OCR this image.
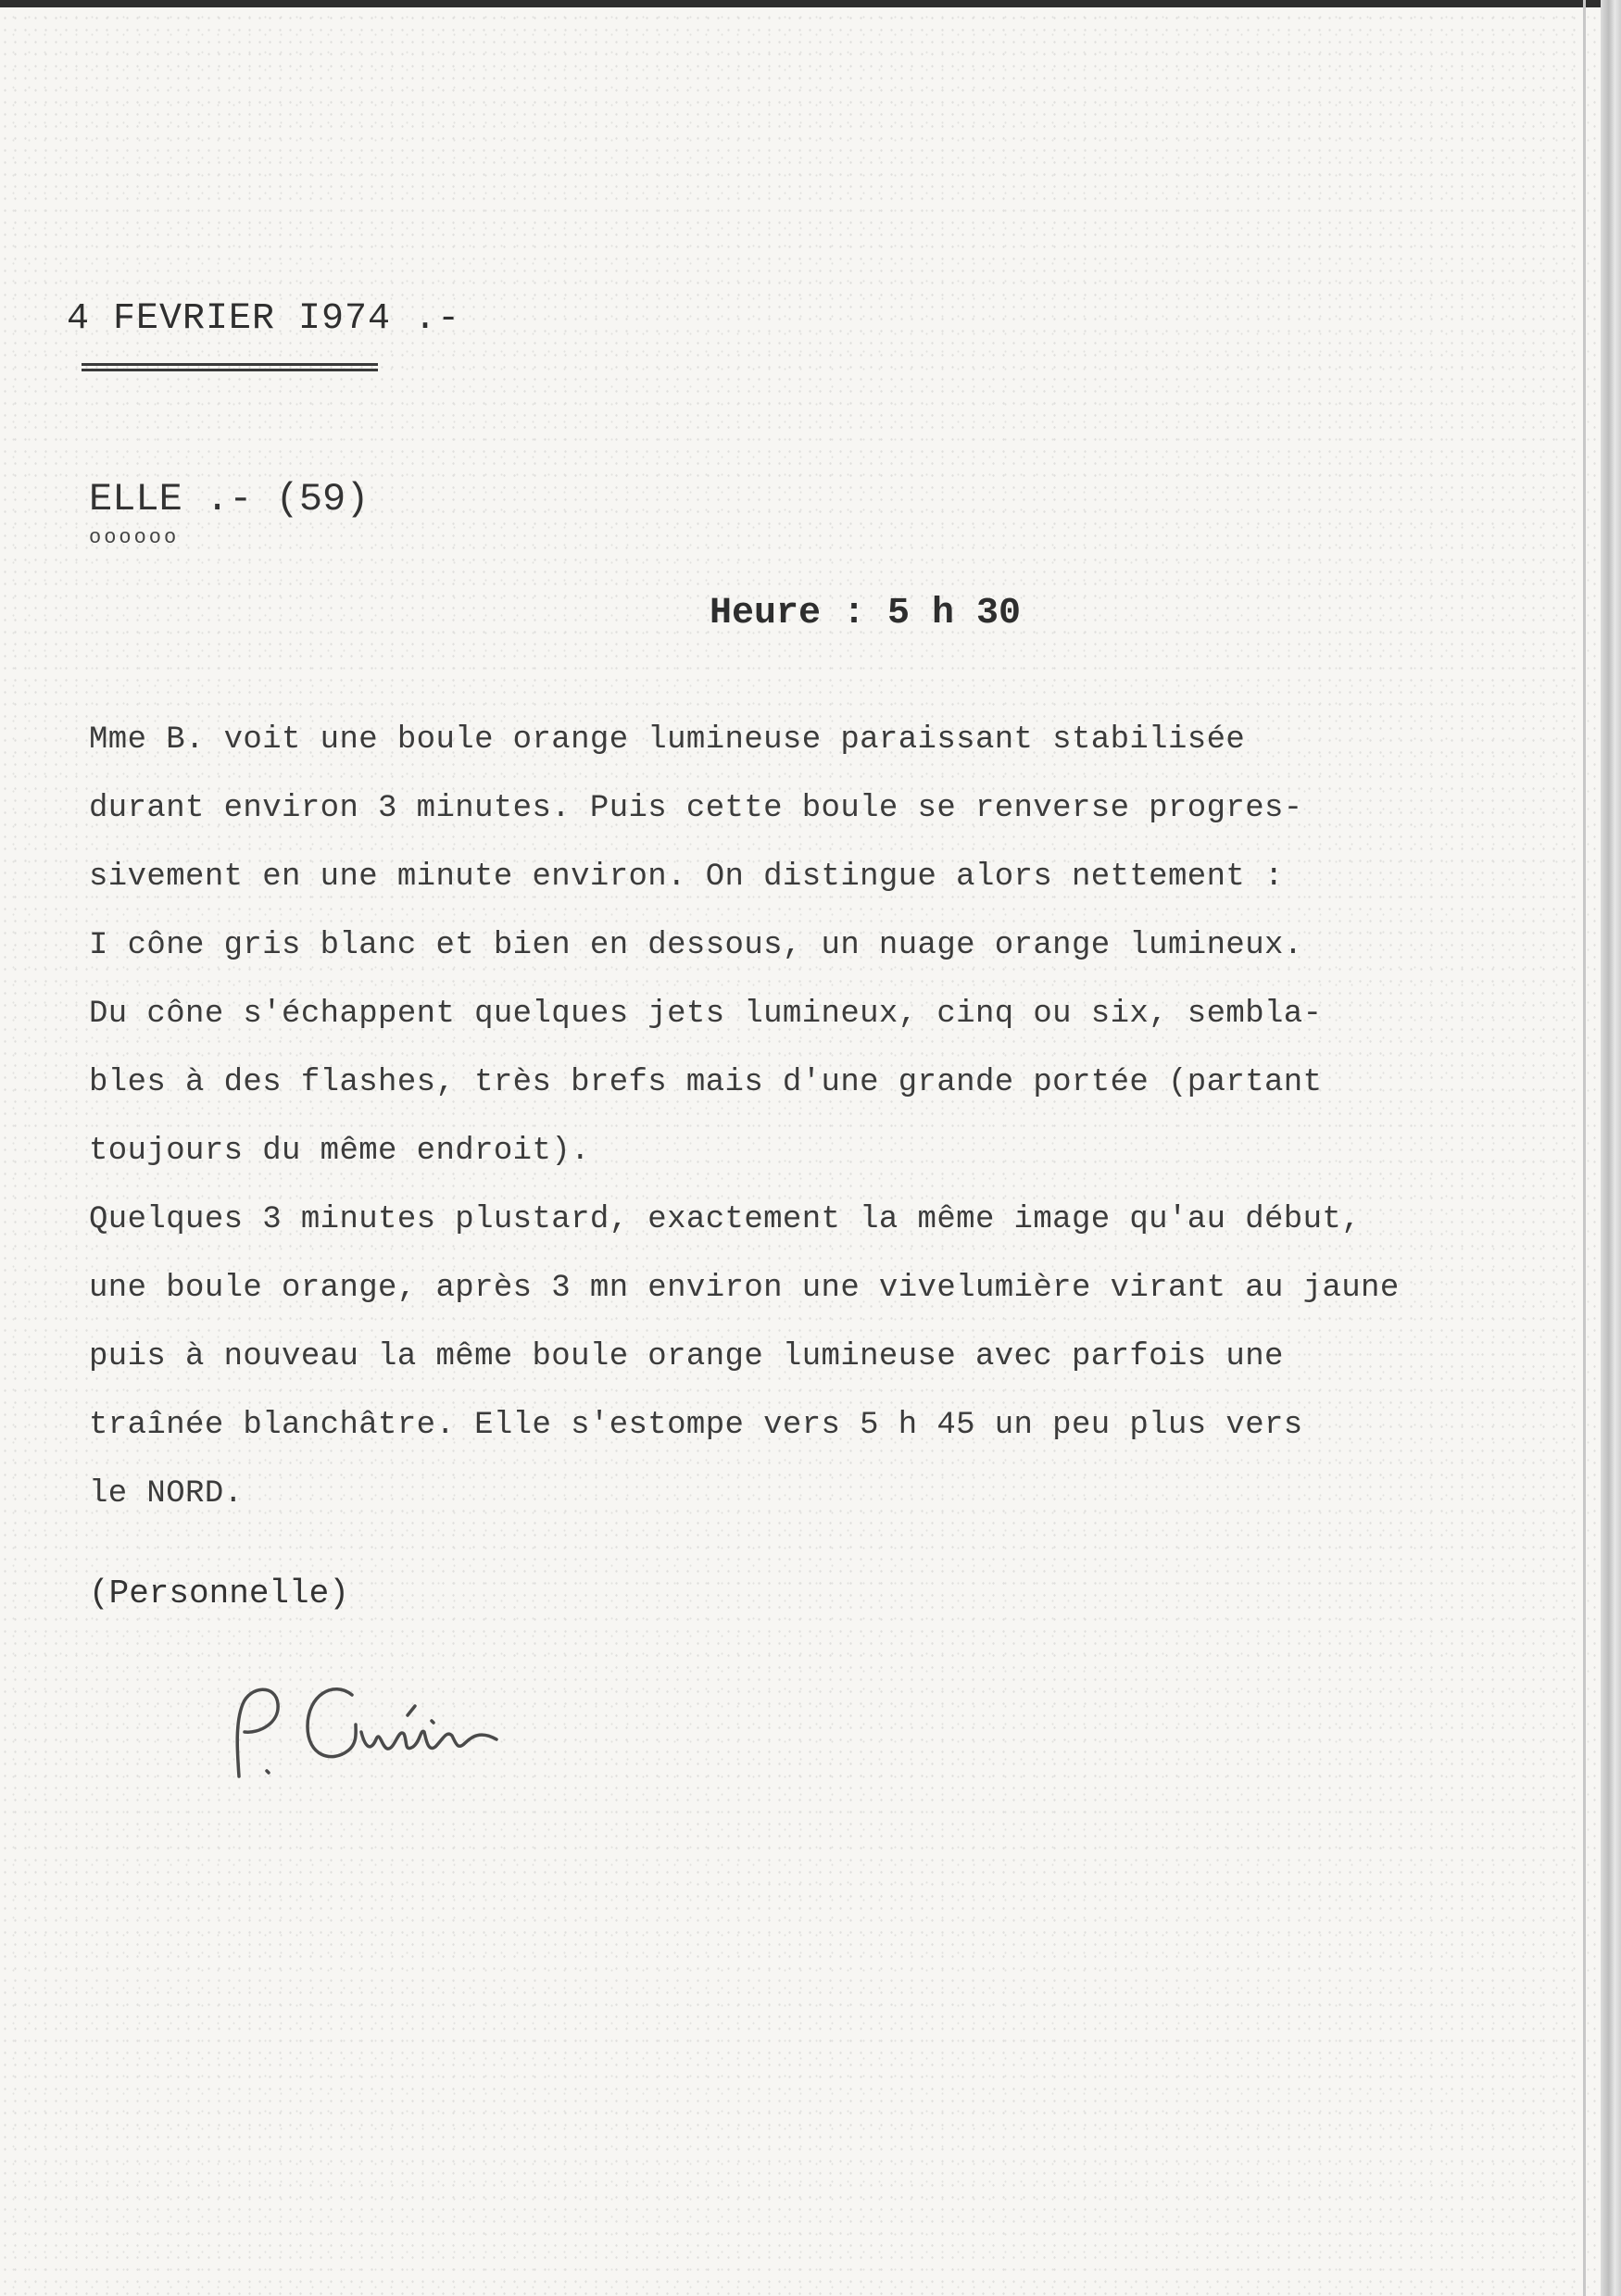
4 FEVRIER I974 .-
ELLE .- (59)
oooooo
Heure : 5 h 30
Mme B. voit une boule orange lumineuse paraissant stabilisée
durant environ 3 minutes. Puis cette boule se renverse progres-
sivement en une minute environ. On distingue alors nettement :
I cône gris blanc et bien en dessous, un nuage orange lumineux.
Du cône s'échappent quelques jets lumineux, cinq ou six, sembla-
bles à des flashes, très brefs mais d'une grande portée (partant
toujours du même endroit).
Quelques 3 minutes plustard, exactement la même image qu'au début,
une boule orange, après 3 mn environ une vivelumière virant au jaune
puis à nouveau la même boule orange lumineuse avec parfois une
traînée blanchâtre. Elle s'estompe vers 5 h 45 un peu plus vers
le NORD.
(Personnelle)
